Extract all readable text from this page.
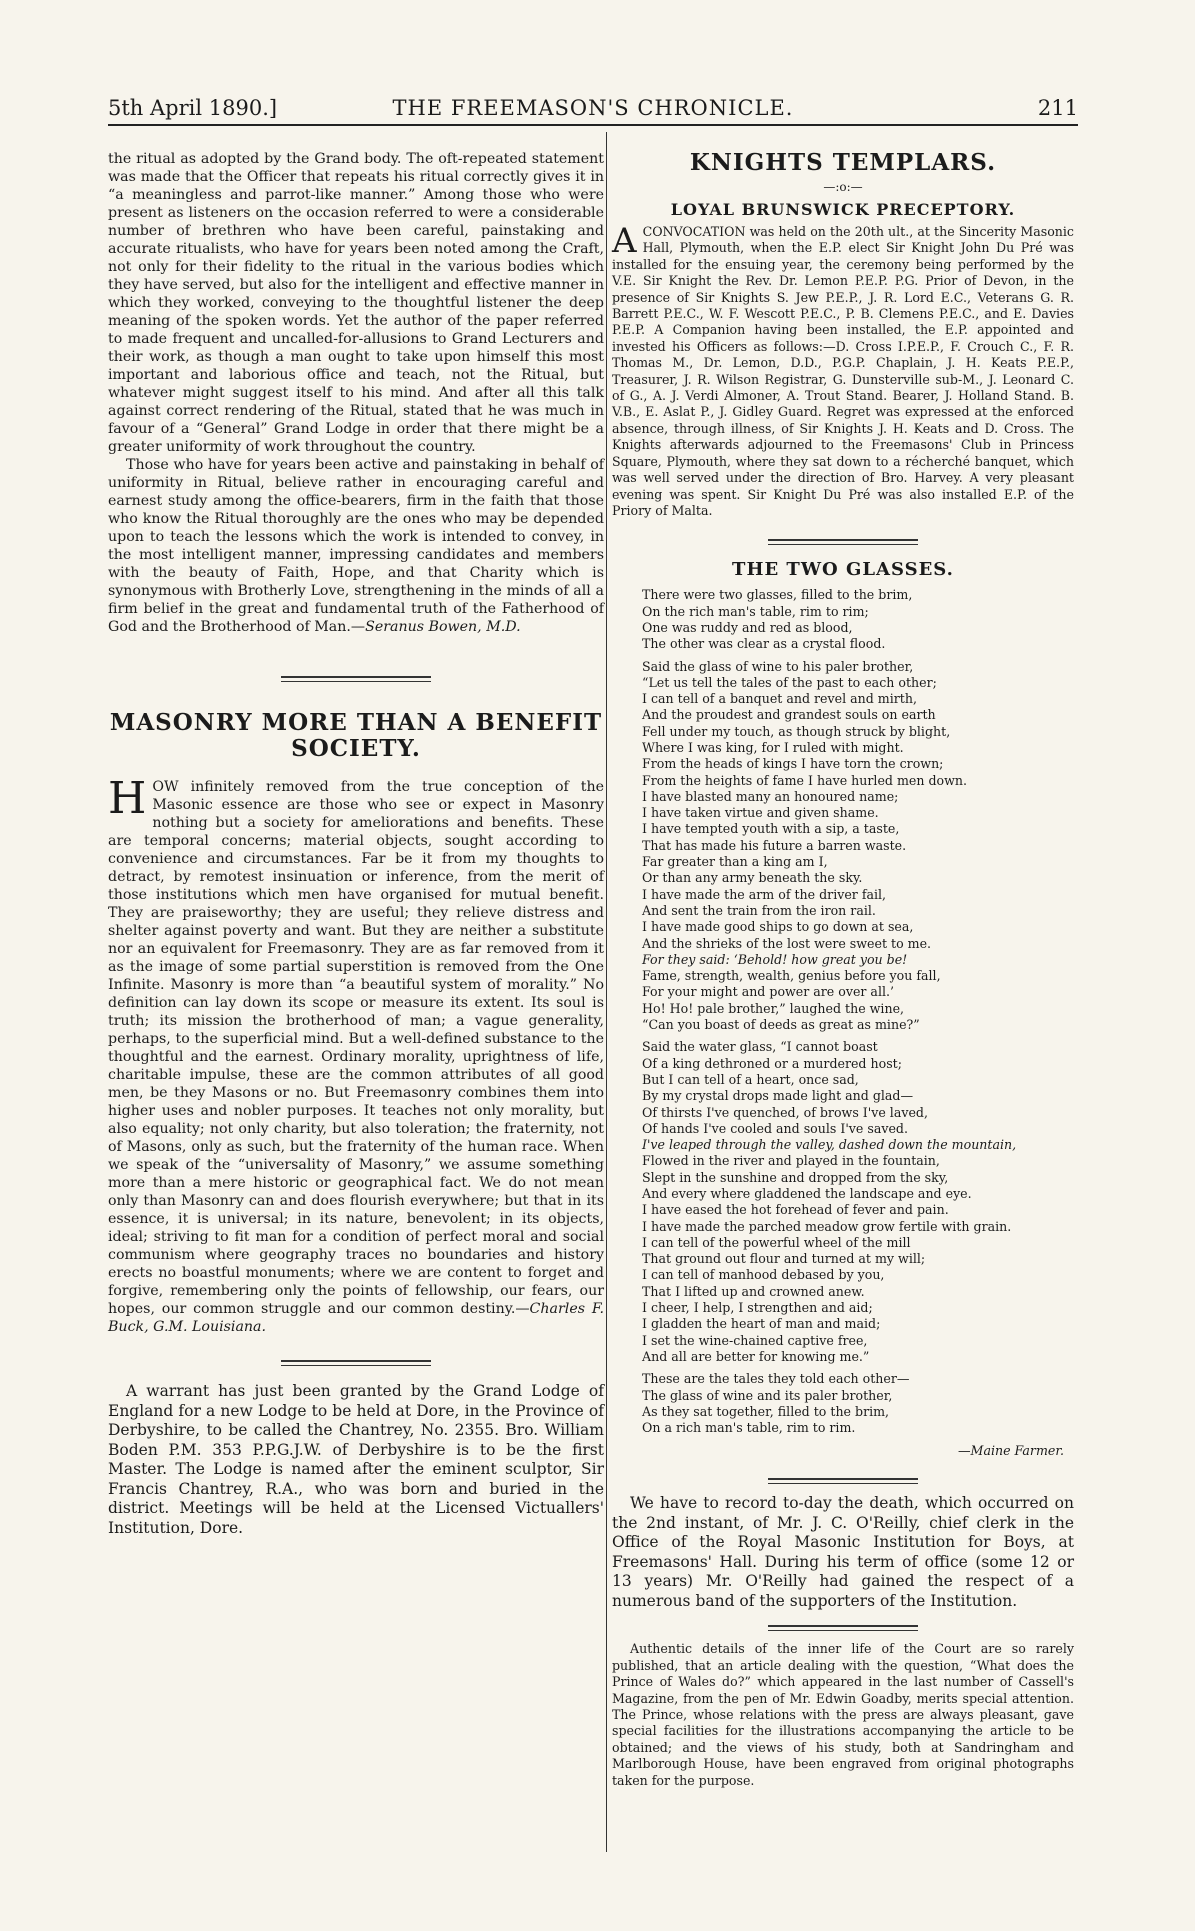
5th April 1890.]	THE FREEMASON'S CHRONICLE.	211

the ritual as adopted by the Grand body. The oft-repeated statement was made that the Officer that repeats his ritual correctly gives it in “a meaningless and parrot-like manner.” Among those who were present as listeners on the occasion referred to were a considerable number of brethren who have been careful, painstaking and accurate ritualists, who have for years been noted among the Craft, not only for their fidelity to the ritual in the various bodies which they have served, but also for the intelligent and effective manner in which they worked, conveying to the thoughtful listener the deep meaning of the spoken words. Yet the author of the paper referred to made frequent and uncalled-for-allusions to Grand Lecturers and their work, as though a man ought to take upon himself this most important and laborious office and teach, not the Ritual, but whatever might suggest itself to his mind. And after all this talk against correct rendering of the Ritual, stated that he was much in favour of a “General” Grand Lodge in order that there might be a greater uniformity of work throughout the country.

Those who have for years been active and painstaking in behalf of uniformity in Ritual, believe rather in encouraging careful and earnest study among the office-bearers, firm in the faith that those who know the Ritual thoroughly are the ones who may be depended upon to teach the lessons which the work is intended to convey, in the most intelligent manner, impressing candidates and members with the beauty of Faith, Hope, and that Charity which is synonymous with Brotherly Love, strengthening in the minds of all a firm belief in the great and fundamental truth of the Fatherhood of God and the Brotherhood of Man.—Seranus Bowen, M.D.

MASONRY MORE THAN A BENEFIT SOCIETY.

HOW infinitely removed from the true conception of the Masonic essence are those who see or expect in Masonry nothing but a society for ameliorations and benefits. These are temporal concerns; material objects, sought according to convenience and circumstances. Far be it from my thoughts to detract, by remotest insinuation or inference, from the merit of those institutions which men have organised for mutual benefit. They are praiseworthy; they are useful; they relieve distress and shelter against poverty and want. But they are neither a substitute nor an equivalent for Freemasonry. They are as far removed from it as the image of some partial superstition is removed from the One Infinite. Masonry is more than “a beautiful system of morality.” No definition can lay down its scope or measure its extent. Its soul is truth; its mission the brotherhood of man; a vague generality, perhaps, to the superficial mind. But a well-defined substance to the thoughtful and the earnest. Ordinary morality, uprightness of life, charitable impulse, these are the common attributes of all good men, be they Masons or no. But Freemasonry combines them into higher uses and nobler purposes. It teaches not only morality, but also equality; not only charity, but also toleration; the fraternity, not of Masons, only as such, but the fraternity of the human race. When we speak of the “universality of Masonry,” we assume something more than a mere historic or geographical fact. We do not mean only than Masonry can and does flourish everywhere; but that in its essence, it is universal; in its nature, benevolent; in its objects, ideal; striving to fit man for a condition of perfect moral and social communism where geography traces no boundaries and history erects no boastful monuments; where we are content to forget and forgive, remembering only the points of fellowship, our fears, our hopes, our common struggle and our common destiny.—Charles F. Buck, G.M. Louisiana.

A warrant has just been granted by the Grand Lodge of England for a new Lodge to be held at Dore, in the Province of Derbyshire, to be called the Chantrey, No. 2355. Bro. William Boden P.M. 353 P.P.G.J.W. of Derbyshire is to be the first Master. The Lodge is named after the eminent sculptor, Sir Francis Chantrey, R.A., who was born and buried in the district. Meetings will be held at the Licensed Victuallers' Institution, Dore.

KNIGHTS TEMPLARS.
—:o:—
LOYAL BRUNSWICK PRECEPTORY.

ACONVOCATION was held on the 20th ult., at the Sincerity Masonic Hall, Plymouth, when the E.P. elect Sir Knight John Du Pré was installed for the ensuing year, the ceremony being performed by the V.E. Sir Knight the Rev. Dr. Lemon P.E.P. P.G. Prior of Devon, in the presence of Sir Knights S. Jew P.E.P., J. R. Lord E.C., Veterans G. R. Barrett P.E.C., W. F. Wescott P.E.C., P. B. Clemens P.E.C., and E. Davies P.E.P. A Companion having been installed, the E.P. appointed and invested his Officers as follows:—D. Cross I.P.E.P., F. Crouch C., F. R. Thomas M., Dr. Lemon, D.D., P.G.P. Chaplain, J. H. Keats P.E.P., Treasurer, J. R. Wilson Registrar, G. Dunsterville sub-M., J. Leonard C. of G., A. J. Verdi Almoner, A. Trout Stand. Bearer, J. Holland Stand. B. V.B., E. Aslat P., J. Gidley Guard. Regret was expressed at the enforced absence, through illness, of Sir Knights J. H. Keats and D. Cross. The Knights afterwards adjourned to the Freemasons' Club in Princess Square, Plymouth, where they sat down to a récherché banquet, which was well served under the direction of Bro. Harvey. A very pleasant evening was spent. Sir Knight Du Pré was also installed E.P. of the Priory of Malta.

THE TWO GLASSES.
There were two glasses, filled to the brim,
On the rich man's table, rim to rim;
One was ruddy and red as blood,
The other was clear as a crystal flood.
Said the glass of wine to his paler brother,
“Let us tell the tales of the past to each other;
I can tell of a banquet and revel and mirth,
And the proudest and grandest souls on earth
Fell under my touch, as though struck by blight,
Where I was king, for I ruled with might.
From the heads of kings I have torn the crown;
From the heights of fame I have hurled men down.
I have blasted many an honoured name;
I have taken virtue and given shame.
I have tempted youth with a sip, a taste,
That has made his future a barren waste.
Far greater than a king am I,
Or than any army beneath the sky.
I have made the arm of the driver fail,
And sent the train from the iron rail.
I have made good ships to go down at sea,
And the shrieks of the lost were sweet to me.
For they said: ‘Behold! how great you be!
Fame, strength, wealth, genius before you fall,
For your might and power are over all.’
Ho! Ho! pale brother,” laughed the wine,
“Can you boast of deeds as great as mine?”
Said the water glass, “I cannot boast
Of a king dethroned or a murdered host;
But I can tell of a heart, once sad,
By my crystal drops made light and glad—
Of thirsts I've quenched, of brows I've laved,
Of hands I've cooled and souls I've saved.
I've leaped through the valley, dashed down the mountain,
Flowed in the river and played in the fountain,
Slept in the sunshine and dropped from the sky,
And every where gladdened the landscape and eye.
I have eased the hot forehead of fever and pain.
I have made the parched meadow grow fertile with grain.
I can tell of the powerful wheel of the mill
That ground out flour and turned at my will;
I can tell of manhood debased by you,
That I lifted up and crowned anew.
I cheer, I help, I strengthen and aid;
I gladden the heart of man and maid;
I set the wine-chained captive free,
And all are better for knowing me.”
These are the tales they told each other—
The glass of wine and its paler brother,
As they sat together, filled to the brim,
On a rich man's table, rim to rim.
—Maine Farmer.

We have to record to-day the death, which occurred on the 2nd instant, of Mr. J. C. O'Reilly, chief clerk in the Office of the Royal Masonic Institution for Boys, at Freemasons' Hall. During his term of office (some 12 or 13 years) Mr. O'Reilly had gained the respect of a numerous band of the supporters of the Institution.

Authentic details of the inner life of the Court are so rarely published, that an article dealing with the question, “What does the Prince of Wales do?” which appeared in the last number of Cassell's Magazine, from the pen of Mr. Edwin Goadby, merits special attention. The Prince, whose relations with the press are always pleasant, gave special facilities for the illustrations accompanying the article to be obtained; and the views of his study, both at Sandringham and Marlborough House, have been engraved from original photographs taken for the purpose.
